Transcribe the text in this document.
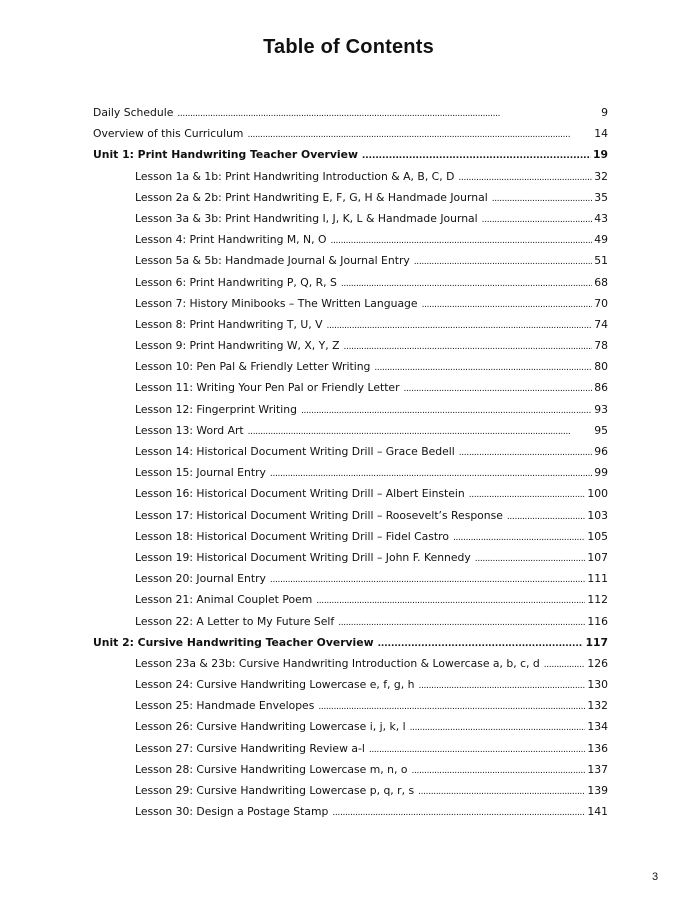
Table of Contents
Daily Schedule . . .	9
Overview of this Curriculum . . .	14
Unit 1: Print Handwriting Teacher Overview . . .	19
Lesson 1a & 1b: Print Handwriting Introduction & A, B, C, D . . .	32
Lesson 2a & 2b: Print Handwriting E, F, G, H & Handmade Journal . . .	35
Lesson 3a & 3b: Print Handwriting I, J, K, L & Handmade Journal . . .	43
Lesson 4: Print Handwriting M, N, O . . .	49
Lesson 5a & 5b: Handmade Journal & Journal Entry . . .	51
Lesson 6: Print Handwriting P, Q, R, S . . .	68
Lesson 7: History Minibooks – The Written Language . . .	70
Lesson 8: Print Handwriting T, U, V . . .	74
Lesson 9: Print Handwriting W, X, Y, Z . . .	78
Lesson 10: Pen Pal & Friendly Letter Writing . . .	80
Lesson 11: Writing Your Pen Pal or Friendly Letter . . .	86
Lesson 12: Fingerprint Writing . . .	93
Lesson 13: Word Art . . .	95
Lesson 14: Historical Document Writing Drill – Grace Bedell . . .	96
Lesson 15: Journal Entry . . .	99
Lesson 16: Historical Document Writing Drill – Albert Einstein . . .	100
Lesson 17: Historical Document Writing Drill – Roosevelt’s Response . . .	103
Lesson 18: Historical Document Writing Drill – Fidel Castro . . .	105
Lesson 19: Historical Document Writing Drill – John F. Kennedy . . .	107
Lesson 20: Journal Entry . . .	111
Lesson 21: Animal Couplet Poem . . .	112
Lesson 22: A Letter to My Future Self . . .	116
Unit 2: Cursive Handwriting Teacher Overview . . .	117
Lesson 23a & 23b: Cursive Handwriting Introduction & Lowercase a, b, c, d . . .	126
Lesson 24: Cursive Handwriting Lowercase e, f, g, h . . .	130
Lesson 25: Handmade Envelopes . . .	132
Lesson 26: Cursive Handwriting Lowercase i, j, k, l . . .	134
Lesson 27: Cursive Handwriting Review a-l . . .	136
Lesson 28: Cursive Handwriting Lowercase m, n, o . . .	137
Lesson 29: Cursive Handwriting Lowercase p, q, r, s . . .	139
Lesson 30: Design a Postage Stamp . . .	141
3
